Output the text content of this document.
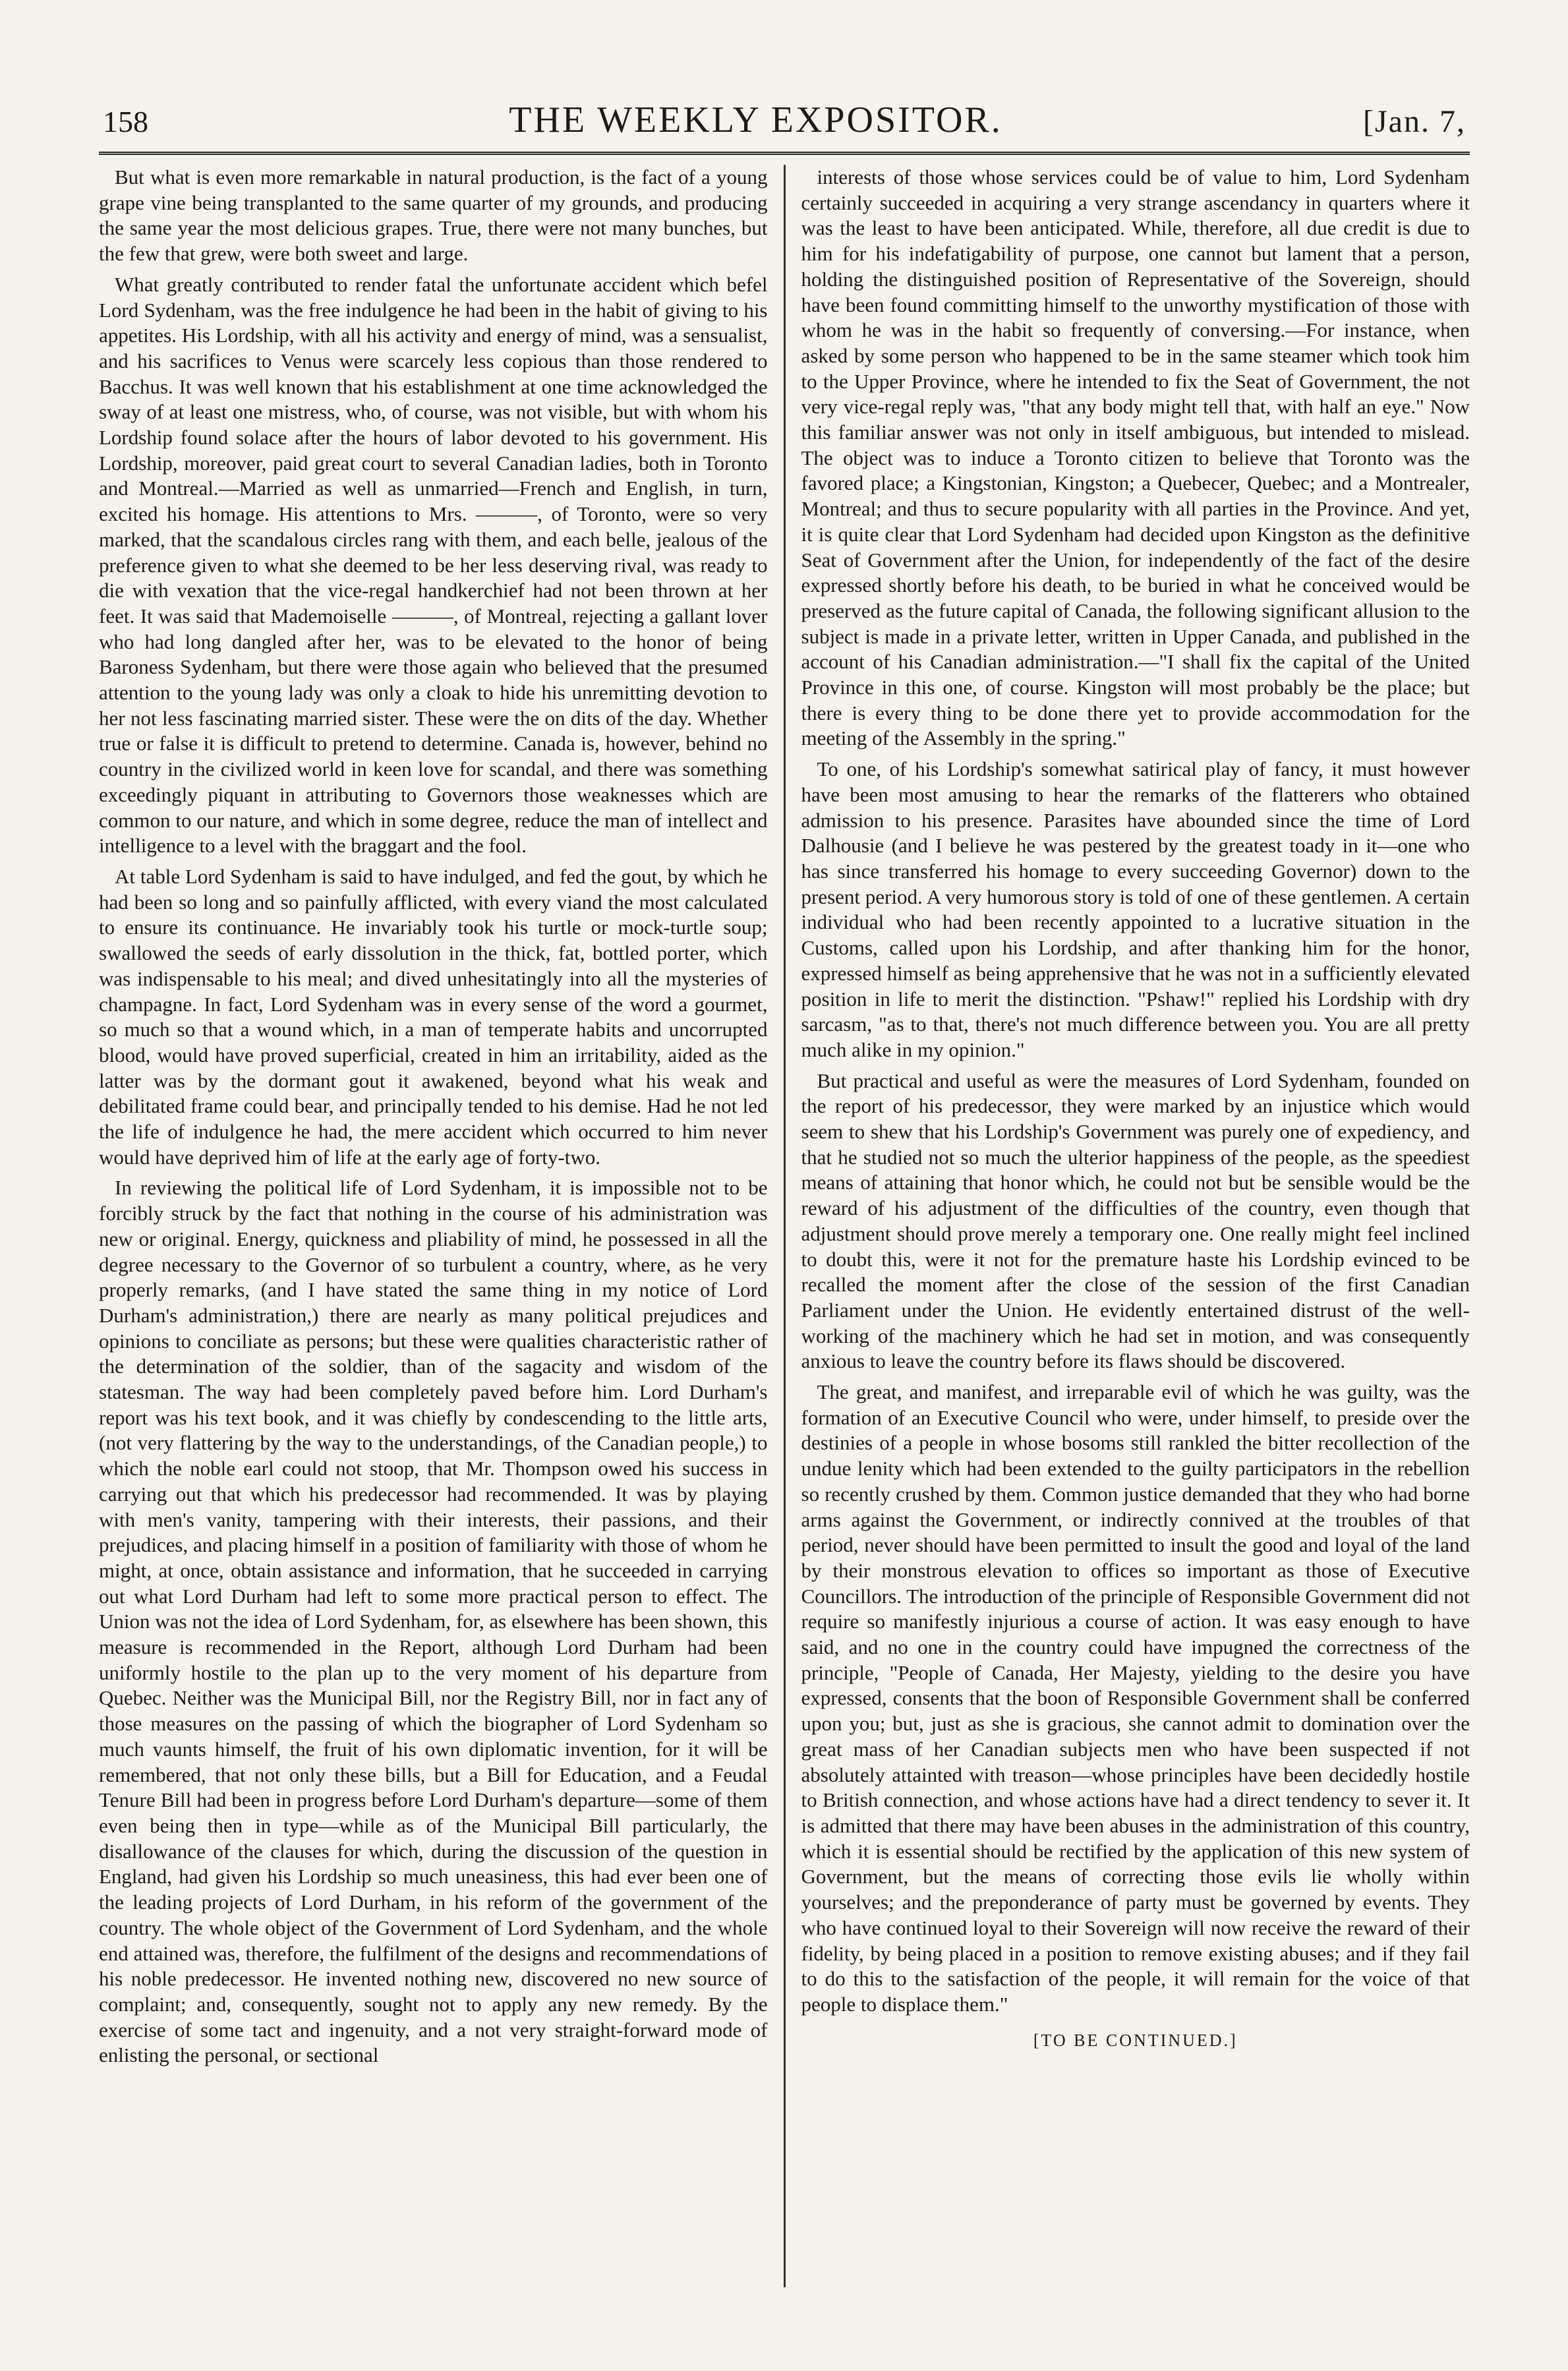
158	THE WEEKLY EXPOSITOR.	[Jan. 7,

But what is even more remarkable in natural production, is the fact of a young grape vine being transplanted to the same quarter of my grounds, and producing the same year the most delicious grapes. True, there were not many bunches, but the few that grew, were both sweet and large.

What greatly contributed to render fatal the unfortunate accident which befel Lord Sydenham, was the free indulgence he had been in the habit of giving to his appetites. His Lordship, with all his activity and energy of mind, was a sensualist, and his sacrifices to Venus were scarcely less copious than those rendered to Bacchus. It was well known that his establishment at one time acknowledged the sway of at least one mistress, who, of course, was not visible, but with whom his Lordship found solace after the hours of labor devoted to his government. His Lordship, moreover, paid great court to several Canadian ladies, both in Toronto and Montreal.—Married as well as unmarried—French and English, in turn, excited his homage. His attentions to Mrs. ———, of Toronto, were so very marked, that the scandalous circles rang with them, and each belle, jealous of the preference given to what she deemed to be her less deserving rival, was ready to die with vexation that the vice-regal handkerchief had not been thrown at her feet. It was said that Mademoiselle ———, of Montreal, rejecting a gallant lover who had long dangled after her, was to be elevated to the honor of being Baroness Sydenham, but there were those again who believed that the presumed attention to the young lady was only a cloak to hide his unremitting devotion to her not less fascinating married sister. These were the on dits of the day. Whether true or false it is difficult to pretend to determine. Canada is, however, behind no country in the civilized world in keen love for scandal, and there was something exceedingly piquant in attributing to Governors those weaknesses which are common to our nature, and which in some degree, reduce the man of intellect and intelligence to a level with the braggart and the fool.

At table Lord Sydenham is said to have indulged, and fed the gout, by which he had been so long and so painfully afflicted, with every viand the most calculated to ensure its continuance. He invariably took his turtle or mock-turtle soup; swallowed the seeds of early dissolution in the thick, fat, bottled porter, which was indispensable to his meal; and dived unhesitatingly into all the mysteries of champagne. In fact, Lord Sydenham was in every sense of the word a gourmet, so much so that a wound which, in a man of temperate habits and uncorrupted blood, would have proved superficial, created in him an irritability, aided as the latter was by the dormant gout it awakened, beyond what his weak and debilitated frame could bear, and principally tended to his demise. Had he not led the life of indulgence he had, the mere accident which occurred to him never would have deprived him of life at the early age of forty-two.

In reviewing the political life of Lord Sydenham, it is impossible not to be forcibly struck by the fact that nothing in the course of his administration was new or original. Energy, quickness and pliability of mind, he possessed in all the degree necessary to the Governor of so turbulent a country, where, as he very properly remarks, (and I have stated the same thing in my notice of Lord Durham's administration,) there are nearly as many political prejudices and opinions to conciliate as persons; but these were qualities characteristic rather of the determination of the soldier, than of the sagacity and wisdom of the statesman. The way had been completely paved before him. Lord Durham's report was his text book, and it was chiefly by condescending to the little arts, (not very flattering by the way to the understandings, of the Canadian people,) to which the noble earl could not stoop, that Mr. Thompson owed his success in carrying out that which his predecessor had recommended. It was by playing with men's vanity, tampering with their interests, their passions, and their prejudices, and placing himself in a position of familiarity with those of whom he might, at once, obtain assistance and information, that he succeeded in carrying out what Lord Durham had left to some more practical person to effect. The Union was not the idea of Lord Sydenham, for, as elsewhere has been shown, this measure is recommended in the Report, although Lord Durham had been uniformly hostile to the plan up to the very moment of his departure from Quebec. Neither was the Municipal Bill, nor the Registry Bill, nor in fact any of those measures on the passing of which the biographer of Lord Sydenham so much vaunts himself, the fruit of his own diplomatic invention, for it will be remembered, that not only these bills, but a Bill for Education, and a Feudal Tenure Bill had been in progress before Lord Durham's departure—some of them even being then in type—while as of the Municipal Bill particularly, the disallowance of the clauses for which, during the discussion of the question in England, had given his Lordship so much uneasiness, this had ever been one of the leading projects of Lord Durham, in his reform of the government of the country. The whole object of the Government of Lord Sydenham, and the whole end attained was, therefore, the fulfilment of the designs and recommendations of his noble predecessor. He invented nothing new, discovered no new source of complaint; and, consequently, sought not to apply any new remedy. By the exercise of some tact and ingenuity, and a not very straight-forward mode of enlisting the personal, or sectional

interests of those whose services could be of value to him, Lord Sydenham certainly succeeded in acquiring a very strange ascendancy in quarters where it was the least to have been anticipated. While, therefore, all due credit is due to him for his indefatigability of purpose, one cannot but lament that a person, holding the distinguished position of Representative of the Sovereign, should have been found committing himself to the unworthy mystification of those with whom he was in the habit so frequently of conversing.—For instance, when asked by some person who happened to be in the same steamer which took him to the Upper Province, where he intended to fix the Seat of Government, the not very vice-regal reply was, "that any body might tell that, with half an eye." Now this familiar answer was not only in itself ambiguous, but intended to mislead. The object was to induce a Toronto citizen to believe that Toronto was the favored place; a Kingstonian, Kingston; a Quebecer, Quebec; and a Montrealer, Montreal; and thus to secure popularity with all parties in the Province. And yet, it is quite clear that Lord Sydenham had decided upon Kingston as the definitive Seat of Government after the Union, for independently of the fact of the desire expressed shortly before his death, to be buried in what he conceived would be preserved as the future capital of Canada, the following significant allusion to the subject is made in a private letter, written in Upper Canada, and published in the account of his Canadian administration.—"I shall fix the capital of the United Province in this one, of course. Kingston will most probably be the place; but there is every thing to be done there yet to provide accommodation for the meeting of the Assembly in the spring."

To one, of his Lordship's somewhat satirical play of fancy, it must however have been most amusing to hear the remarks of the flatterers who obtained admission to his presence. Parasites have abounded since the time of Lord Dalhousie (and I believe he was pestered by the greatest toady in it—one who has since transferred his homage to every succeeding Governor) down to the present period. A very humorous story is told of one of these gentlemen. A certain individual who had been recently appointed to a lucrative situation in the Customs, called upon his Lordship, and after thanking him for the honor, expressed himself as being apprehensive that he was not in a sufficiently elevated position in life to merit the distinction. "Pshaw!" replied his Lordship with dry sarcasm, "as to that, there's not much difference between you. You are all pretty much alike in my opinion."

But practical and useful as were the measures of Lord Sydenham, founded on the report of his predecessor, they were marked by an injustice which would seem to shew that his Lordship's Government was purely one of expediency, and that he studied not so much the ulterior happiness of the people, as the speediest means of attaining that honor which, he could not but be sensible would be the reward of his adjustment of the difficulties of the country, even though that adjustment should prove merely a temporary one. One really might feel inclined to doubt this, were it not for the premature haste his Lordship evinced to be recalled the moment after the close of the session of the first Canadian Parliament under the Union. He evidently entertained distrust of the well-working of the machinery which he had set in motion, and was consequently anxious to leave the country before its flaws should be discovered.

The great, and manifest, and irreparable evil of which he was guilty, was the formation of an Executive Council who were, under himself, to preside over the destinies of a people in whose bosoms still rankled the bitter recollection of the undue lenity which had been extended to the guilty participators in the rebellion so recently crushed by them. Common justice demanded that they who had borne arms against the Government, or indirectly connived at the troubles of that period, never should have been permitted to insult the good and loyal of the land by their monstrous elevation to offices so important as those of Executive Councillors. The introduction of the principle of Responsible Government did not require so manifestly injurious a course of action. It was easy enough to have said, and no one in the country could have impugned the correctness of the principle, "People of Canada, Her Majesty, yielding to the desire you have expressed, consents that the boon of Responsible Government shall be conferred upon you; but, just as she is gracious, she cannot admit to domination over the great mass of her Canadian subjects men who have been suspected if not absolutely attainted with treason—whose principles have been decidedly hostile to British connection, and whose actions have had a direct tendency to sever it. It is admitted that there may have been abuses in the administration of this country, which it is essential should be rectified by the application of this new system of Government, but the means of correcting those evils lie wholly within yourselves; and the preponderance of party must be governed by events. They who have continued loyal to their Sovereign will now receive the reward of their fidelity, by being placed in a position to remove existing abuses; and if they fail to do this to the satisfaction of the people, it will remain for the voice of that people to displace them."

[TO BE CONTINUED.]
